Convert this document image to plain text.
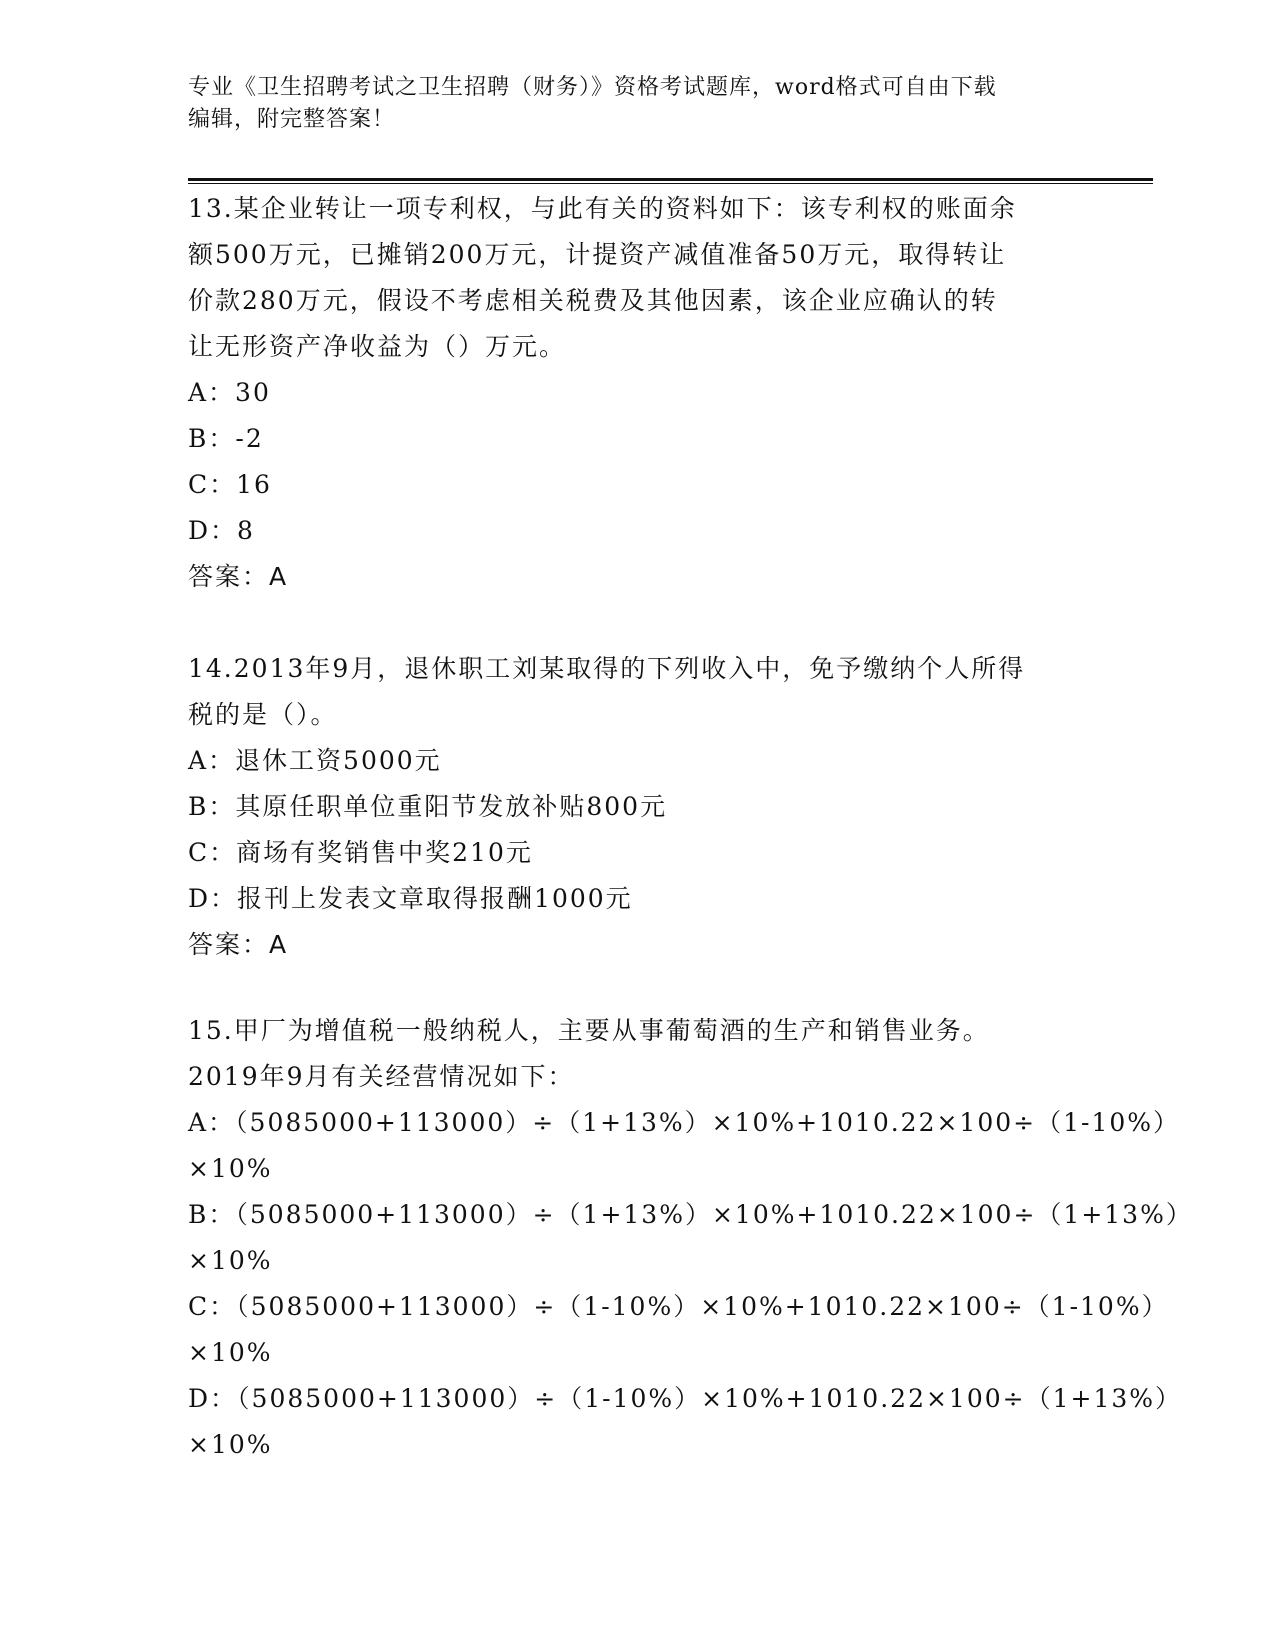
专业《卫生招聘考试之卫生招聘（财务）》资格考试题库，word格式可自由下载
编辑，附完整答案！
13.某企业转让一项专利权，与此有关的资料如下：该专利权的账面余
额500万元，已摊销200万元，计提资产减值准备50万元，取得转让
价款280万元，假设不考虑相关税费及其他因素，该企业应确认的转
让无形资产净收益为（）万元。
A：30
B：-2
C：16
D：8
答案：A
14.2013年9月，退休职工刘某取得的下列收入中，免予缴纳个人所得
税的是（）。
A：退休工资5000元
B：其原任职单位重阳节发放补贴800元
C：商场有奖销售中奖210元
D：报刊上发表文章取得报酬1000元
答案：A
15.甲厂为增值税一般纳税人，主要从事葡萄酒的生产和销售业务。
2019年9月有关经营情况如下：
A：（5085000+113000）÷（1+13%）×10%+1010.22×100÷（1-10%）
×10%
B：（5085000+113000）÷（1+13%）×10%+1010.22×100÷（1+13%）
×10%
C：（5085000+113000）÷（1-10%）×10%+1010.22×100÷（1-10%）
×10%
D：（5085000+113000）÷（1-10%）×10%+1010.22×100÷（1+13%）
×10%
